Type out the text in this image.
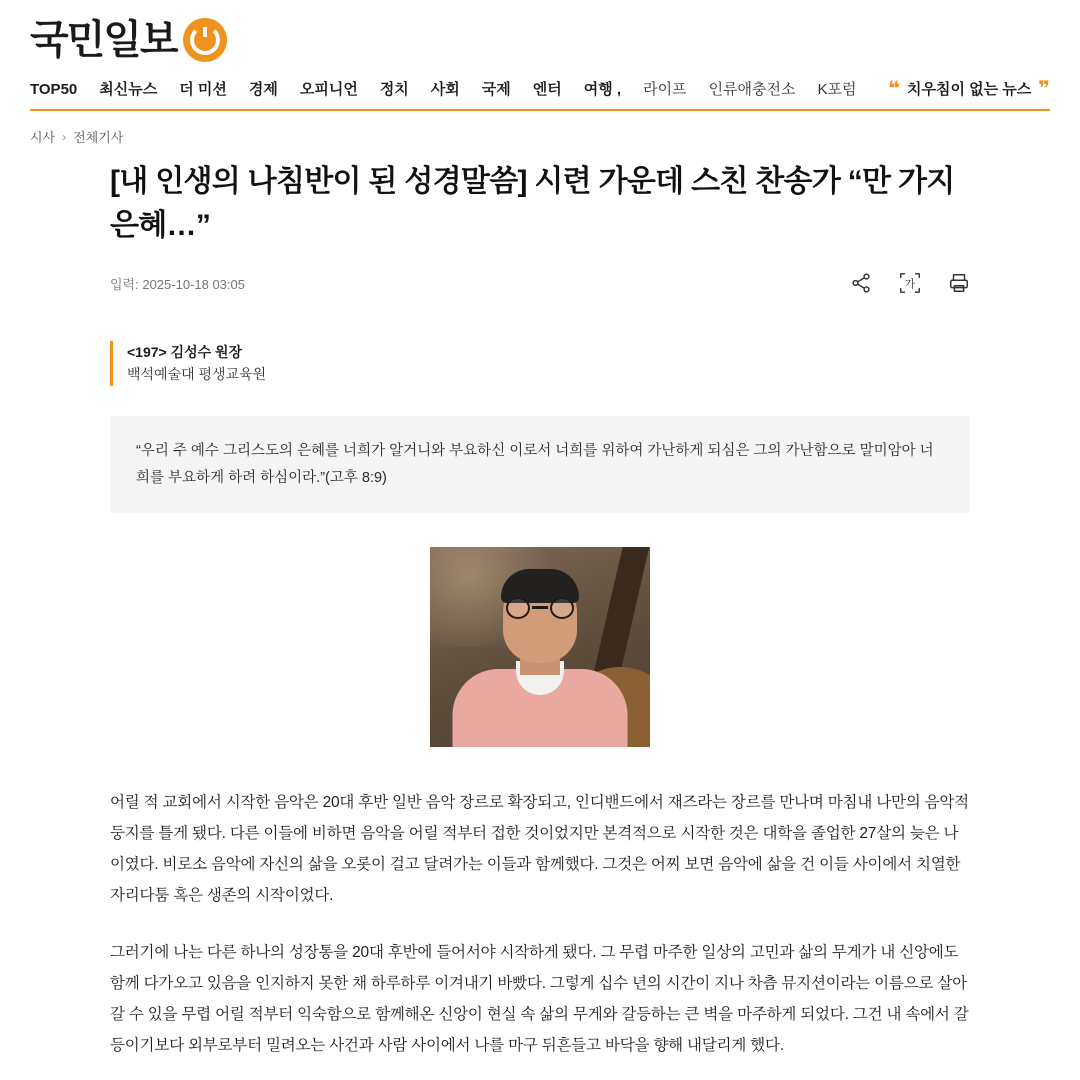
국민일보
TOP50 최신뉴스 더 미션 경제 오피니언 정치 사회 국제 엔터 여행 , 라이프 인류애충전소 K포럼 ❝ 치우침이 없는 뉴스 ❞
시사 › 전체기사
[내 인생의 나침반이 된 성경말씀] 시련 가운데 스친 찬송가 “만 가지 은혜…”
입력: 2025-10-18 03:05	가
<197> 김성수 원장
백석예술대 평생교육원
“우리 주 예수 그리스도의 은혜를 너희가 알거니와 부요하신 이로서 너희를 위하여 가난하게 되심은 그의 가난함으로 말미암아 너희를 부요하게 하려 하심이라.”(고후 8:9)

어릴 적 교회에서 시작한 음악은 20대 후반 일반 음악 장르로 확장되고, 인디밴드에서 재즈라는 장르를 만나며 마침내 나만의 음악적 둥지를 틀게 됐다. 다른 이들에 비하면 음악을 어릴 적부터 접한 것이었지만 본격적으로 시작한 것은 대학을 졸업한 27살의 늦은 나이였다. 비로소 음악에 자신의 삶을 오롯이 걸고 달려가는 이들과 함께했다. 그것은 어찌 보면 음악에 삶을 건 이들 사이에서 치열한 자리다툼 혹은 생존의 시작이었다.

그러기에 나는 다른 하나의 성장통을 20대 후반에 들어서야 시작하게 됐다. 그 무렵 마주한 일상의 고민과 삶의 무게가 내 신앙에도 함께 다가오고 있음을 인지하지 못한 채 하루하루 이겨내기 바빴다. 그렇게 십수 년의 시간이 지나 차츰 뮤지션이라는 이름으로 살아갈 수 있을 무렵 어릴 적부터 익숙함으로 함께해온 신앙이 현실 속 삶의 무게와 갈등하는 큰 벽을 마주하게 되었다. 그건 내 속에서 갈등이기보다 외부로부터 밀려오는 사건과 사람 사이에서 나를 마구 뒤흔들고 바닥을 향해 내달리게 했다.
